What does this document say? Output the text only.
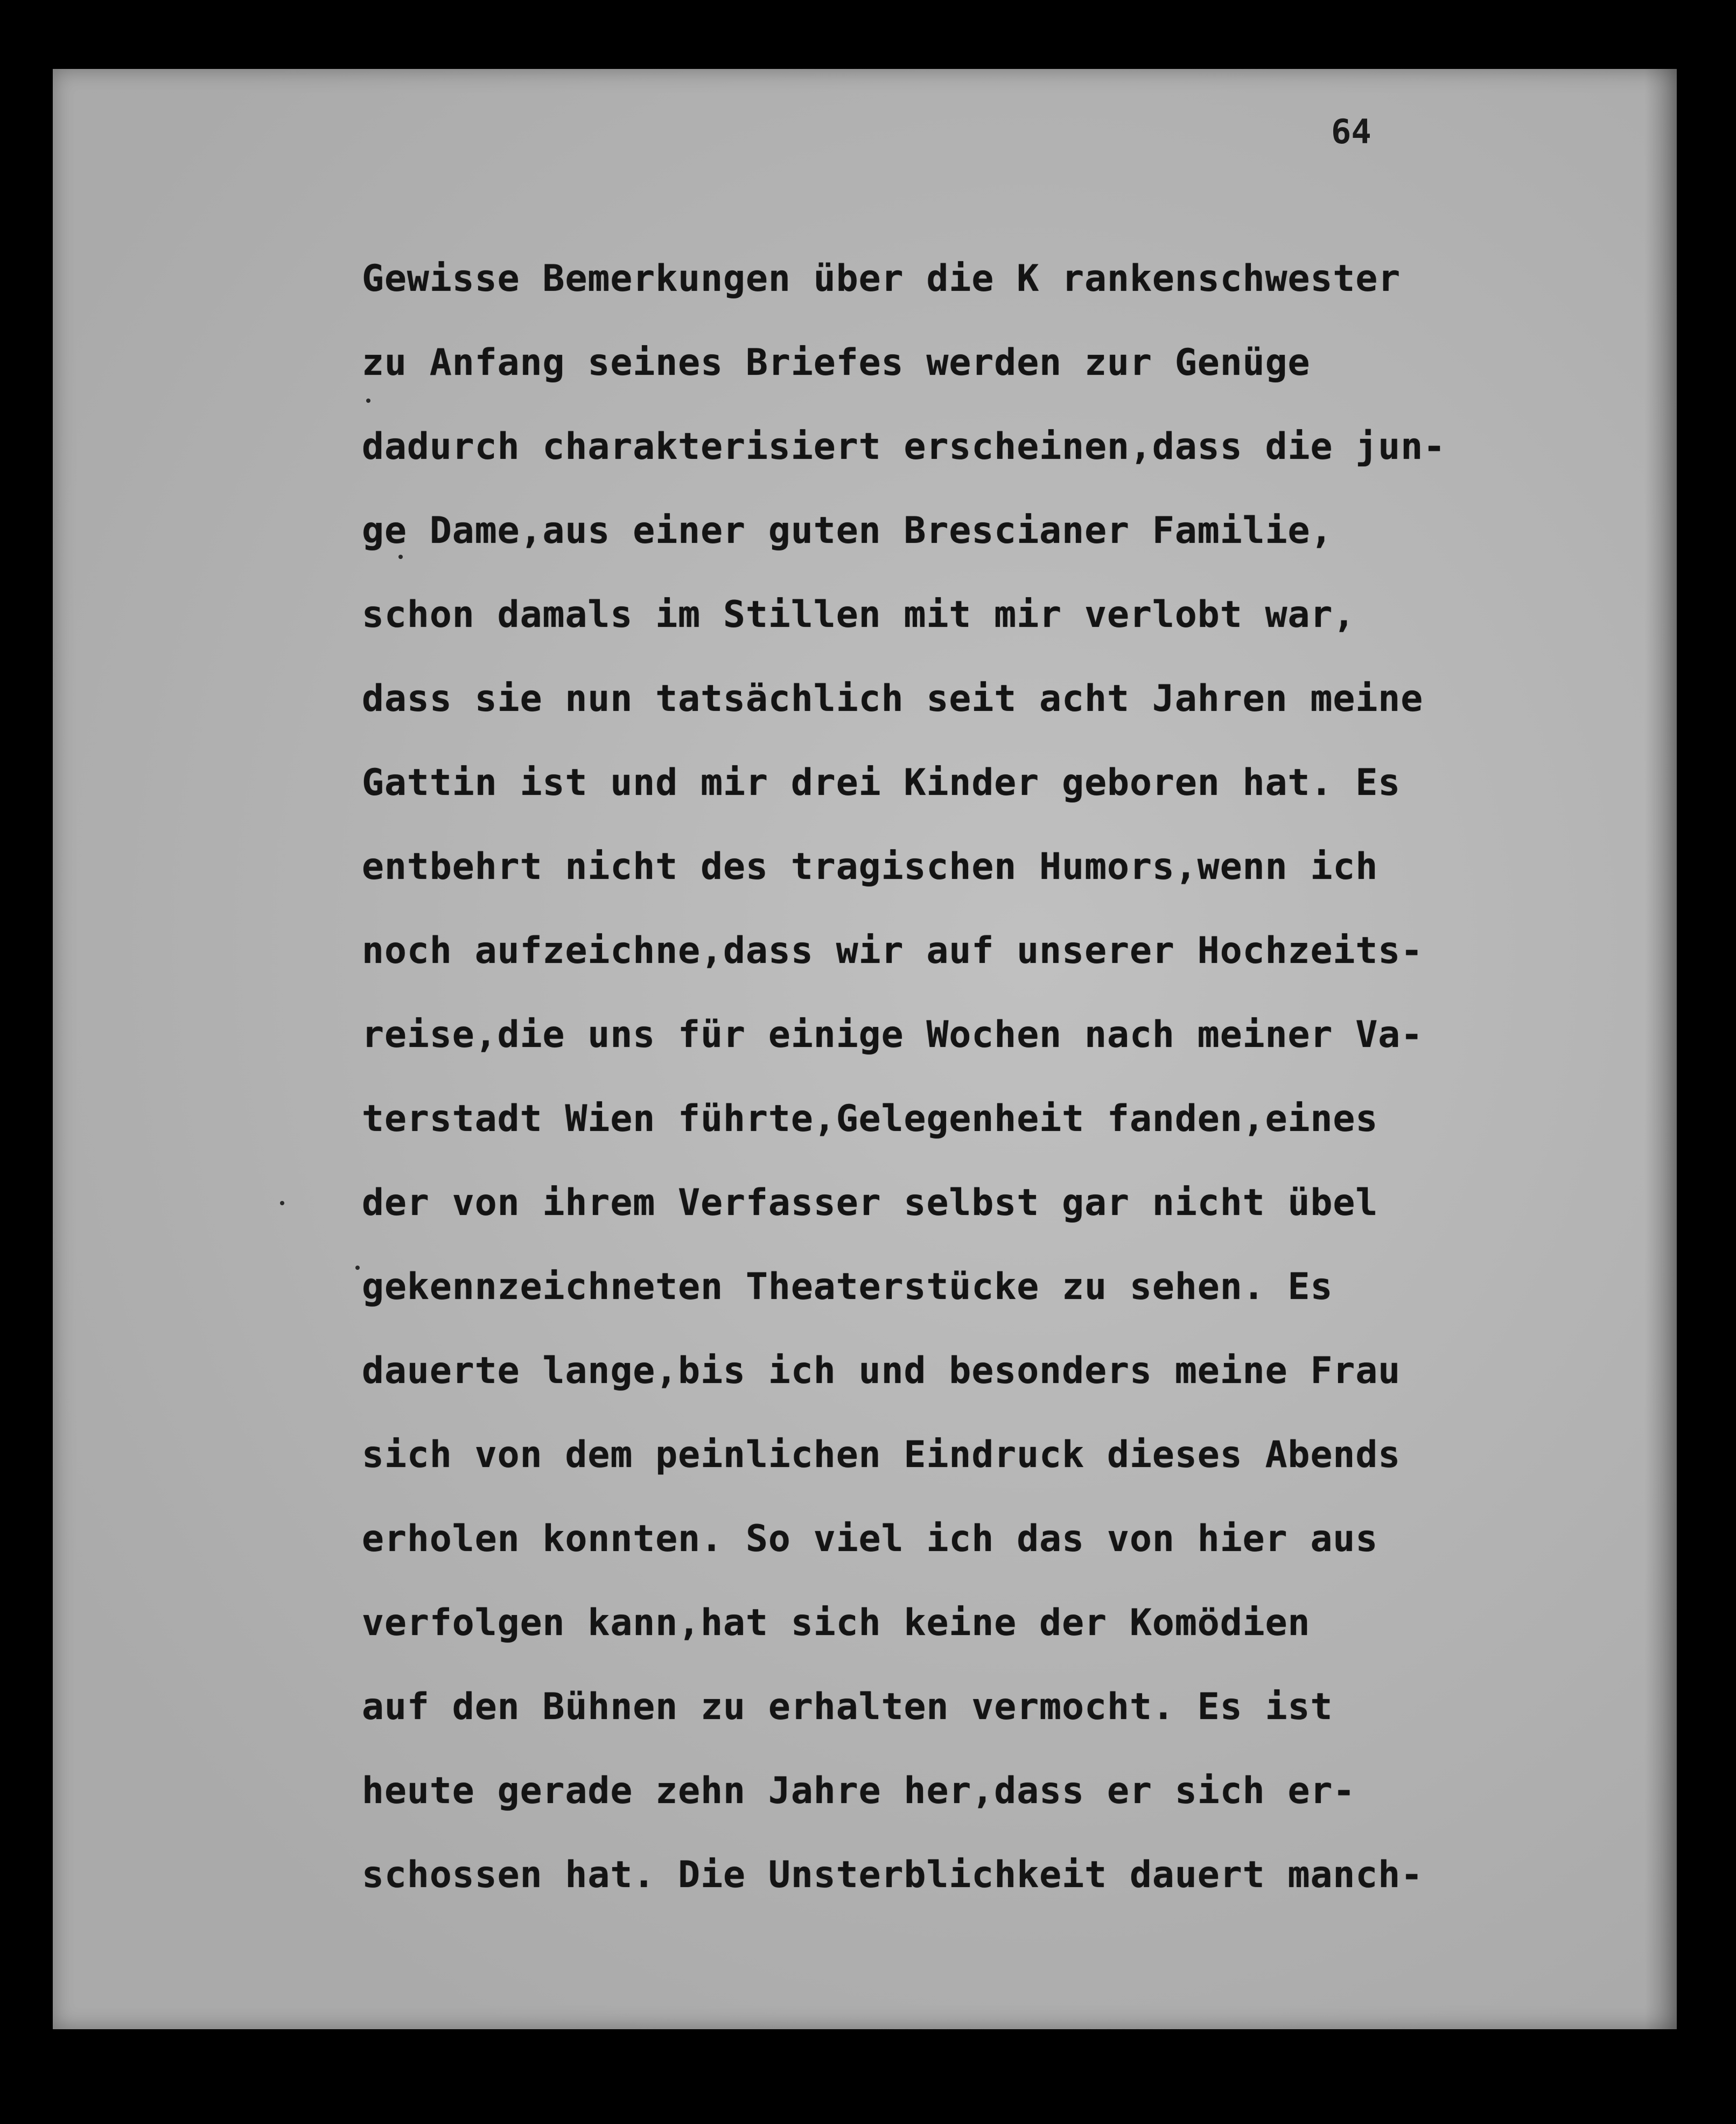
64
Gewisse Bemerkungen über die K rankenschwester
zu Anfang seines Briefes werden zur Genüge
dadurch charakterisiert erscheinen,dass die jun-
ge Dame,aus einer guten Brescianer Familie,
schon damals im Stillen mit mir verlobt war,
dass sie nun tatsächlich seit acht Jahren meine
Gattin ist und mir drei Kinder geboren hat. Es
entbehrt nicht des tragischen Humors,wenn ich
noch aufzeichne,dass wir auf unserer Hochzeits-
reise,die uns für einige Wochen nach meiner Va-
terstadt Wien führte,Gelegenheit fanden,eines
der von ihrem Verfasser selbst gar nicht übel
gekennzeichneten Theaterstücke zu sehen. Es
dauerte lange,bis ich und besonders meine Frau
sich von dem peinlichen Eindruck dieses Abends
erholen konnten. So viel ich das von hier aus
verfolgen kann,hat sich keine der Komödien
auf den Bühnen zu erhalten vermocht. Es ist
heute gerade zehn Jahre her,dass er sich er-
schossen hat. Die Unsterblichkeit dauert manch-
